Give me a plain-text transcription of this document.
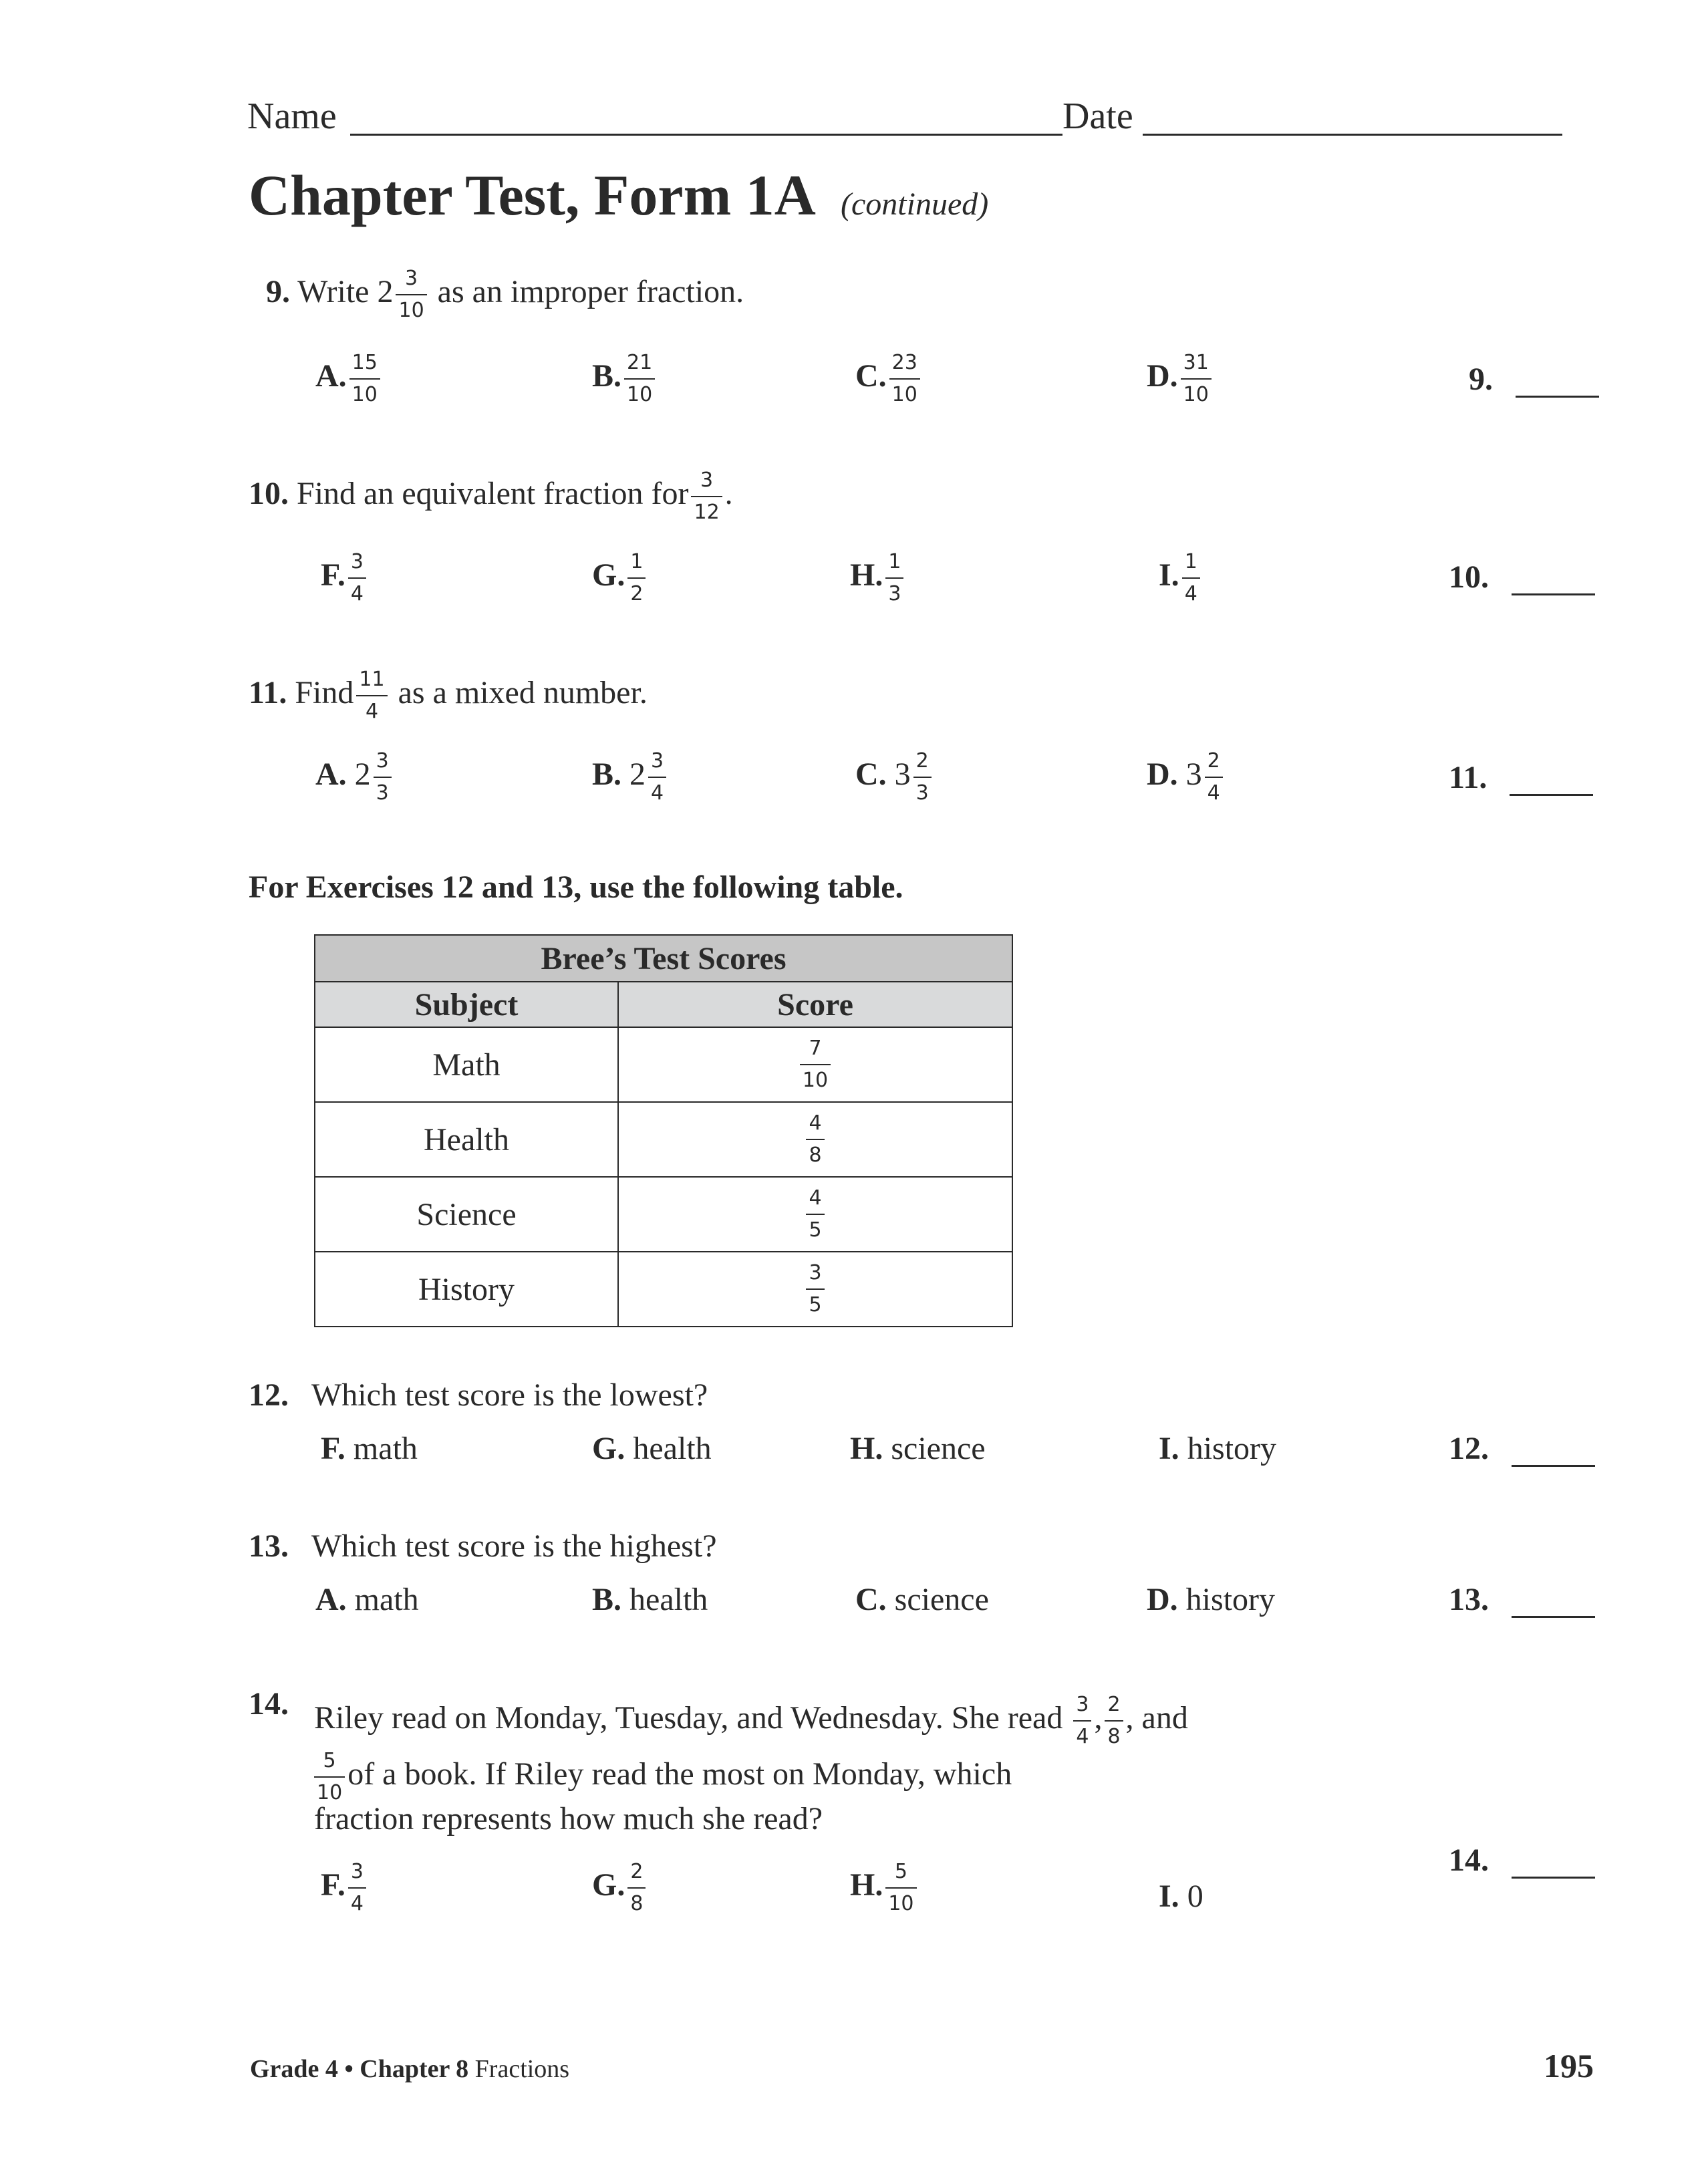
Name	Date
Chapter Test, Form 1A (continued)
9. Write $2 \frac{3}{10}$ as an improper fraction.
A. $\frac{15}{10}$	B. $\frac{21}{10}$	C. $\frac{23}{10}$	D. $\frac{31}{10}$	9.
10. Find an equivalent fraction for $\frac{3}{12}$ .
F. $\frac{3}{4}$	G. $\frac{1}{2}$	H. $\frac{1}{3}$	I. $\frac{1}{4}$	10.
11. Find $\frac{11}{4}$ as a mixed number.
A. $2 \frac{3}{3}$	B. $2 \frac{3}{4}$	C. $3 \frac{2}{3}$	D. $3 \frac{2}{4}$	11.
For Exercises 12 and 13, use the following table.
Bree’s Test Scores	
Subject	Score
Math	$\frac{7}{10}$

Health	$\frac{4}{8}$

Science	$\frac{4}{5}$

History	$\frac{3}{5}$
12. Which test score is the lowest?
F. math	G. health	H. science	I. history	12.
13. Which test score is the highest?
A. math	B. health	C. science	D. history	13.
14. Riley read on Monday, Tuesday, and Wednesday. She read $\frac{3}{4}$ , $\frac{2}{8}$ , and
$\frac{5}{10}$ of a book. If Riley read the most on Monday, which
fraction represents how much she read?
F. $\frac{3}{4}$	G. $\frac{2}{8}$	H. $\frac{5}{10}$	I. 0
14.
Grade 4 • Chapter 8 Fractions	195
